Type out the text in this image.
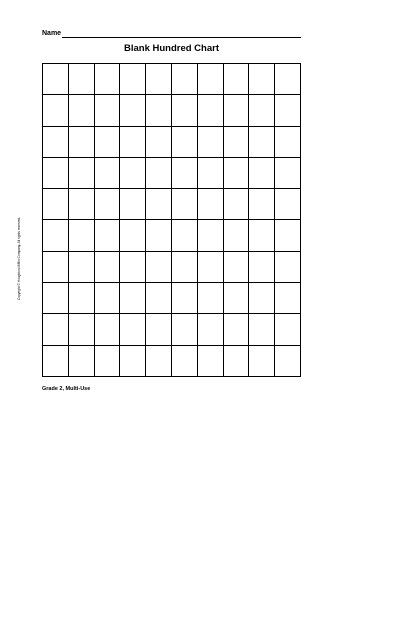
Name
Blank Hundred Chart
Copyright © Houghton Mifflin Company. All rights reserved.
Grade 2, Multi-Use
